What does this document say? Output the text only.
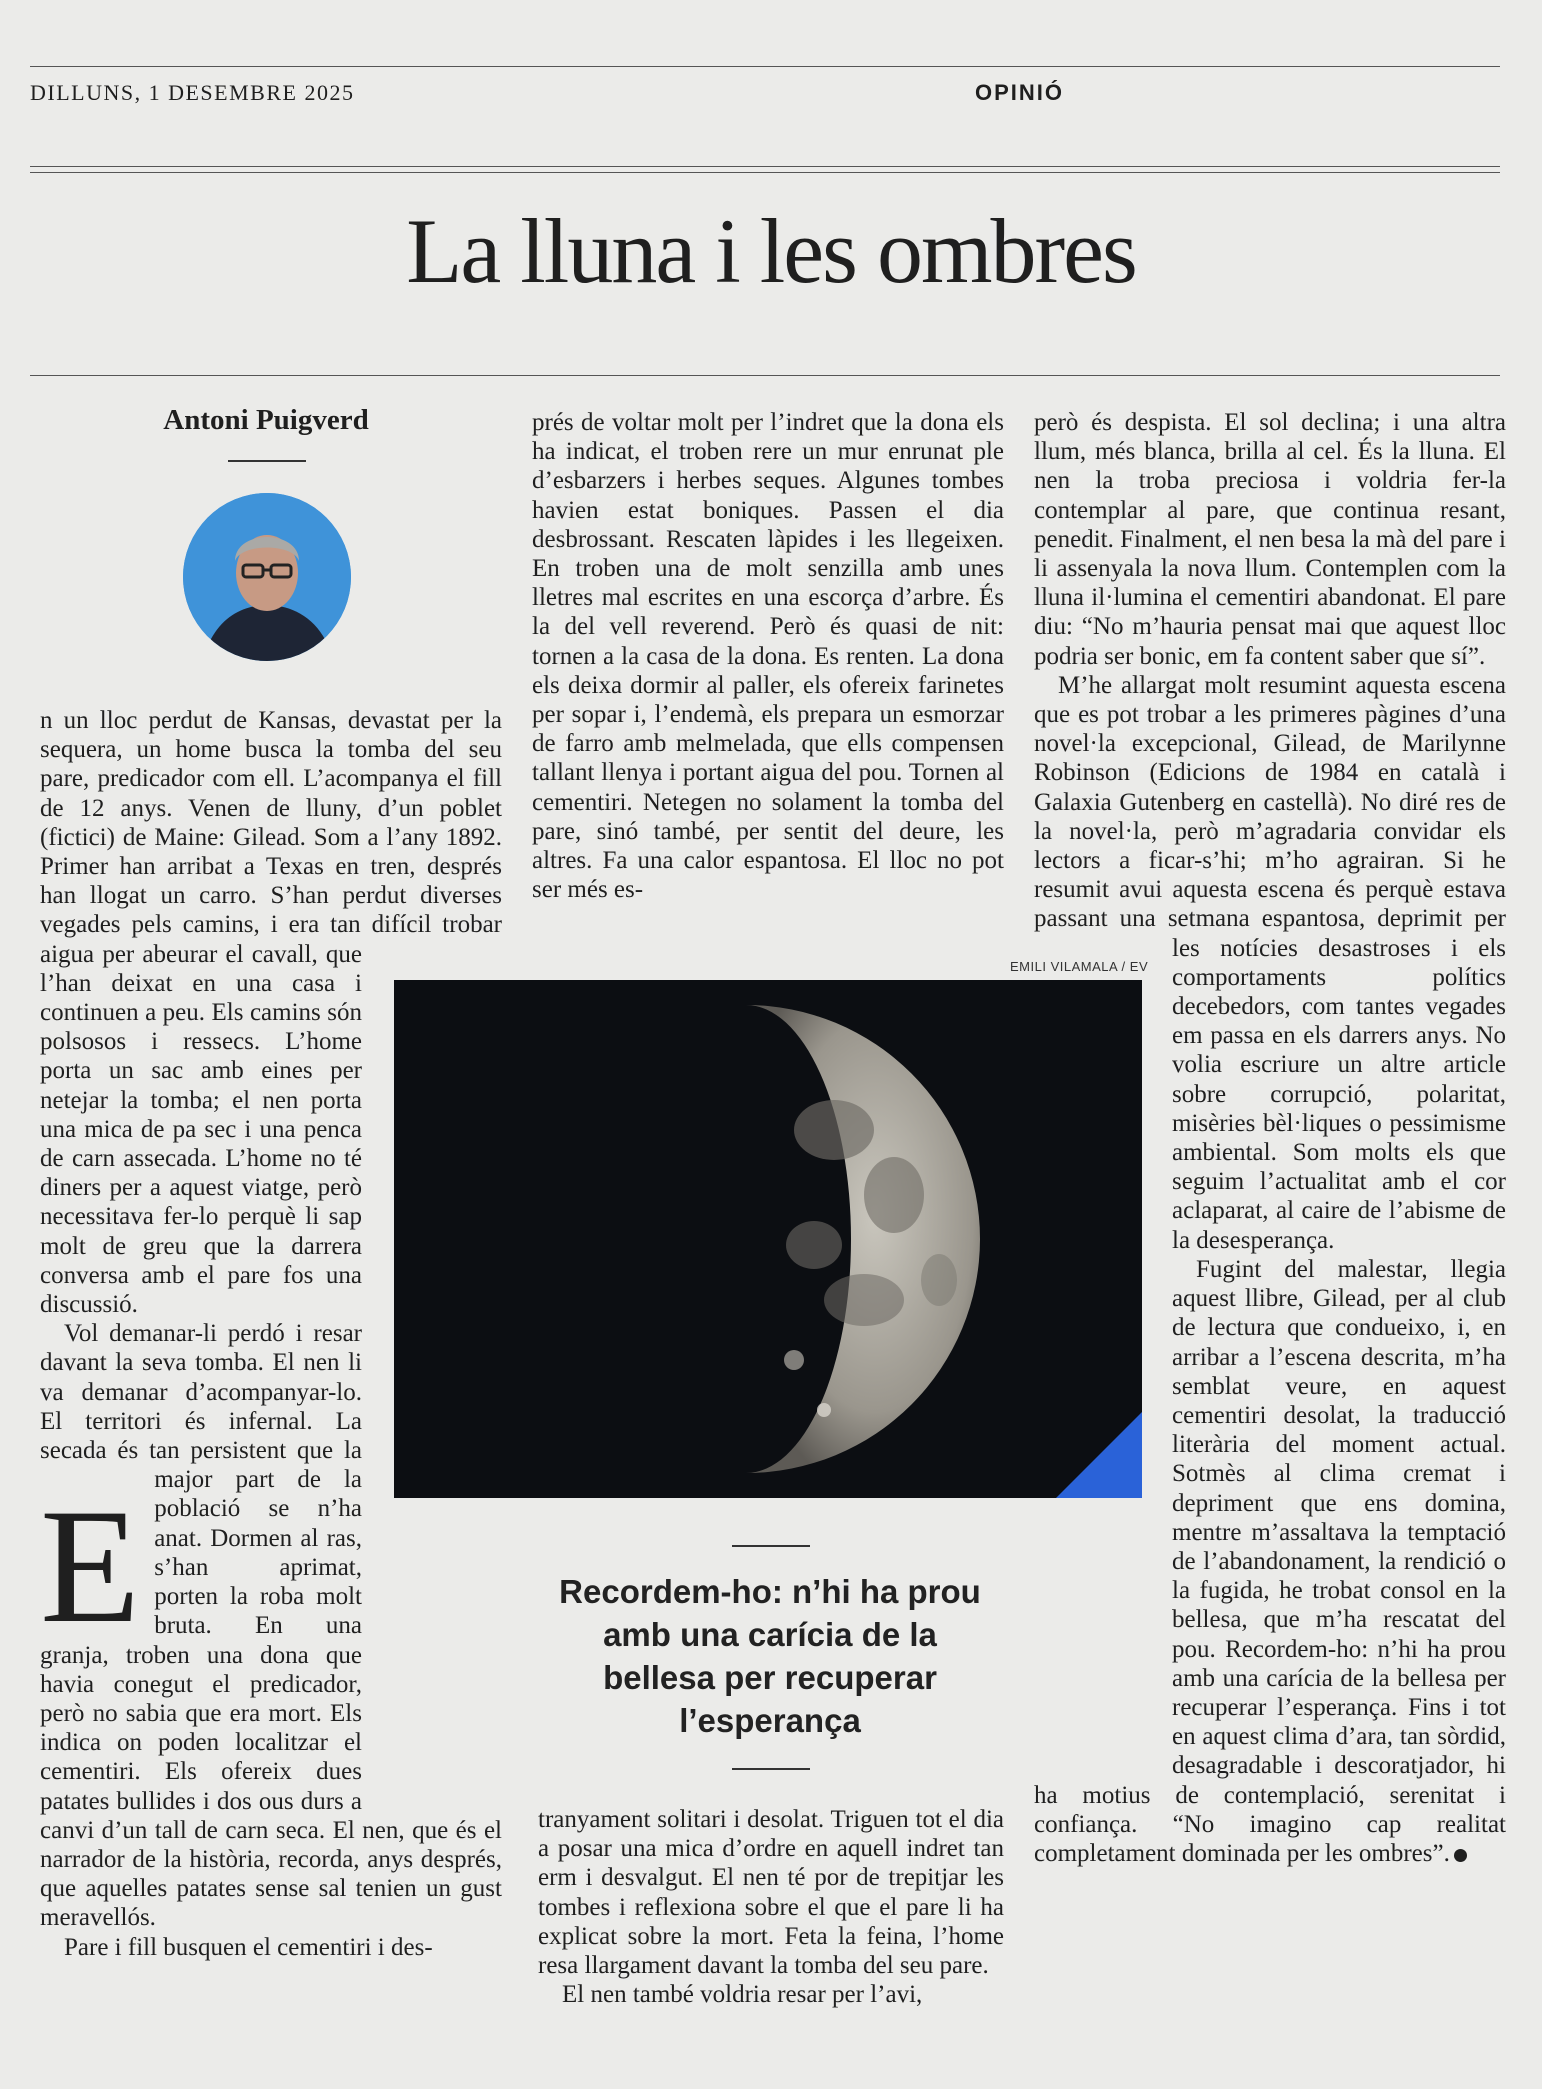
DILLUNS, 1 DESEMBRE 2025	OPINIÓ
La lluna i les ombres
Antoni Puigverd
E

n un lloc perdut de Kansas, devastat per la sequera, un home busca la tomba del seu pare, predicador com ell. L’acompanya el fill de 12 anys. Venen de lluny, d’un poblet (fictici) de Maine: Gilead. Som a l’any 1892. Primer han arribat a Texas en tren, després han llogat un carro. S’han perdut diverses vegades pels camins, i era tan difícil trobar aigua per abeurar el cavall, que l’han deixat en una casa i continuen a peu. Els camins són polsosos i ressecs. L’home porta un sac amb eines per netejar la tomba; el nen porta una mica de pa sec i una penca de carn assecada. L’home no té diners per a aquest viatge, però necessitava fer-lo perquè li sap molt de greu que la darrera conversa amb el pare fos una discussió.

Vol demanar-li perdó i resar davant la seva tomba. El nen li va demanar d’acompanyar-lo. El territori és infernal. La secada és tan persistent que la major part de la població se n’ha anat. Dormen al ras, s’han aprimat, porten la roba molt bruta. En una granja, troben una dona que havia conegut el predicador, però no sabia que era mort. Els indica on poden localitzar el cementiri. Els ofereix dues patates bullides i dos ous durs a canvi d’un tall de carn seca. El nen, que és el narrador de la història, recorda, anys després, que aquelles patates sense sal tenien un gust meravellós.

Pare i fill busquen el cementiri i des-

prés de voltar molt per l’indret que la dona els ha indicat, el troben rere un mur enrunat ple d’esbarzers i herbes seques. Algunes tombes havien estat boniques. Passen el dia desbrossant. Rescaten làpides i les llegeixen. En troben una de molt senzilla amb unes lletres mal escrites en una escorça d’arbre. És la del vell reverend. Però és quasi de nit: tornen a la casa de la dona. Es renten. La dona els deixa dormir al paller, els ofereix farinetes per sopar i, l’endemà, els prepara un esmorzar de farro amb melmelada, que ells compensen tallant llenya i portant aigua del pou. Tornen al cementiri. Netegen no solament la tomba del pare, sinó també, per sentit del deure, les altres. Fa una calor espantosa. El lloc no pot ser més es-

EMILI VILAMALA / EV
Recordem-ho: n’hi ha prou amb una carícia de la bellesa per recuperar l’esperança

tranyament solitari i desolat. Triguen tot el dia a posar una mica d’ordre en aquell indret tan erm i desvalgut. El nen té por de trepitjar les tombes i reflexiona sobre el que el pare li ha explicat sobre la mort. Feta la feina, l’home resa llargament davant la tomba del seu pare.

El nen també voldria resar per l’avi,

però és despista. El sol declina; i una altra llum, més blanca, brilla al cel. És la lluna. El nen la troba preciosa i voldria fer-la contemplar al pare, que continua resant, penedit. Finalment, el nen besa la mà del pare i li assenyala la nova llum. Contemplen com la lluna il·lumina el cementiri abandonat. El pare diu: “No m’hauria pensat mai que aquest lloc podria ser bonic, em fa content saber que sí”.

M’he allargat molt resumint aquesta escena que es pot trobar a les primeres pàgines d’una novel·la excepcional, Gilead, de Marilynne Robinson (Edicions de 1984 en català i Galaxia Gutenberg en castellà). No diré res de la novel·la, però m’agradaria convidar els lectors a ficar-s’hi; m’ho agrairan. Si he resumit avui aquesta escena és perquè estava passant una setmana espantosa, deprimit per les notícies desastroses i els comportaments polítics decebedors, com tantes vegades em passa en els darrers anys. No volia escriure un altre article sobre corrupció, polaritat, misèries bèl·liques o pessimisme ambiental. Som molts els que seguim l’actualitat amb el cor aclaparat, al caire de l’abisme de la desesperança.

Fugint del malestar, llegia aquest llibre, Gilead, per al club de lectura que condueixo, i, en arribar a l’escena descrita, m’ha semblat veure, en aquest cementiri desolat, la traducció literària del moment actual. Sotmès al clima cremat i depriment que ens domina, mentre m’assaltava la temptació de l’abandonament, la rendició o la fugida, he trobat consol en la bellesa, que m’ha rescatat del pou. Recordem-ho: n’hi ha prou amb una carícia de la bellesa per recuperar l’esperança. Fins i tot en aquest clima d’ara, tan sòrdid, desagradable i descoratjador, hi ha motius de contemplació, serenitat i confiança. “No imagino cap realitat completament dominada per les ombres”.
